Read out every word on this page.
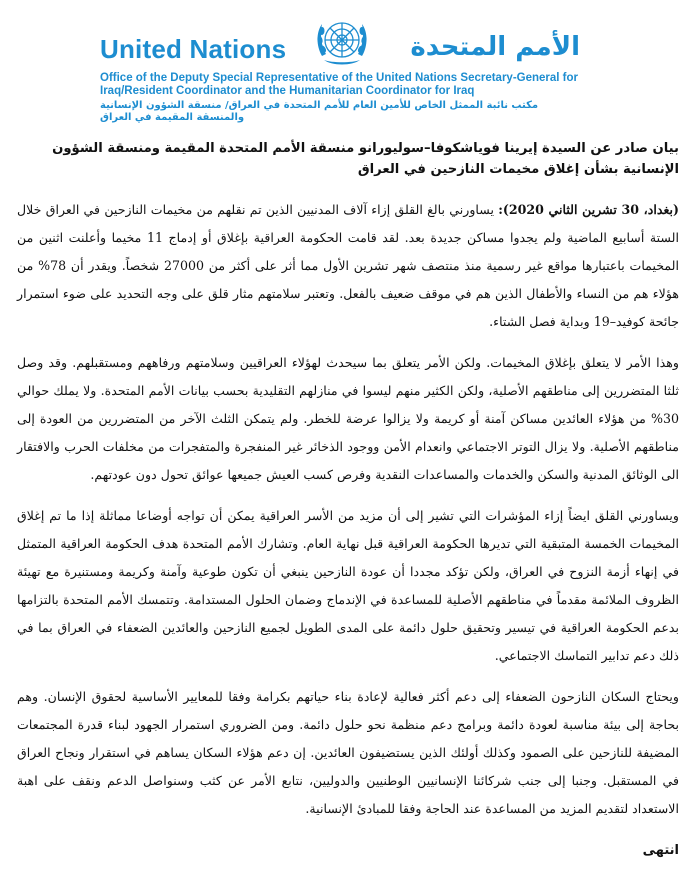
United Nations	الأمم المتحدة
Office of the Deputy Special Representative of the United Nations Secretary-General for Iraq/Resident Coordinator and the Humanitarian Coordinator for Iraq
مكتب نائبة الممثل الخاص للأمين العام للأمم المتحدة في العراق/ منسقة الشؤون الإنسانية والمنسقة المقيمة في العراق
بيان صادر عن السيدة إيرينا فوياشكوفا–سوليورانو منسقة الأمم المتحدة المقيمة ومنسقة الشؤون الإنسانية بشأن إغلاق مخيمات النازحين في العراق

(بغداد، 30 تشرين الثاني 2020): يساورني بالغ القلق إزاء آلاف المدنيين الذين تم نقلهم من مخيمات النازحين في العراق خلال الستة أسابيع الماضية ولم يجدوا مساكن جديدة بعد. لقد قامت الحكومة العراقية بإغلاق أو إدماج 11 مخيما وأعلنت اثنين من المخيمات باعتبارها مواقع غير رسمية منذ منتصف شهر تشرين الأول مما أثر على أكثر من 27000 شخصاً. ويقدر أن 78% من هؤلاء هم من النساء والأطفال الذين هم في موقف ضعيف بالفعل. وتعتبر سلامتهم مثار قلق على وجه التحديد على ضوء استمرار جائحة كوفيد–19 وبداية فصل الشتاء.

وهذا الأمر لا يتعلق بإغلاق المخيمات. ولكن الأمر يتعلق بما سيحدث لهؤلاء العراقيين وسلامتهم ورفاههم ومستقبلهم. وقد وصل ثلثا المتضررين إلى مناطقهم الأصلية، ولكن الكثير منهم ليسوا في منازلهم التقليدية بحسب بيانات الأمم المتحدة. ولا يملك حوالي 30% من هؤلاء العائدين مساكن آمنة أو كريمة ولا يزالوا عرضة للخطر. ولم يتمكن الثلث الآخر من المتضررين من العودة إلى مناطقهم الأصلية. ولا يزال التوتر الاجتماعي وانعدام الأمن ووجود الذخائر غير المنفجرة والمتفجرات من مخلفات الحرب والافتقار الى الوثائق المدنية والسكن والخدمات والمساعدات النقدية وفرص كسب العيش جميعها عوائق تحول دون عودتهم.

ويساورني القلق ايضاً إزاء المؤشرات التي تشير إلى أن مزيد من الأسر العراقية يمكن أن تواجه أوضاعا مماثلة إذا ما تم إغلاق المخيمات الخمسة المتبقية التي تديرها الحكومة العراقية قبل نهاية العام. وتشارك الأمم المتحدة هدف الحكومة العراقية المتمثل في إنهاء أزمة النزوح في العراق، ولكن تؤكد مجددا أن عودة النازحين ينبغي أن تكون طوعية وآمنة وكريمة ومستنيرة مع تهيئة الظروف الملائمة مقدماً في مناطقهم الأصلية للمساعدة في الإندماج وضمان الحلول المستدامة. وتتمسك الأمم المتحدة بالتزامها بدعم الحكومة العراقية في تيسير وتحقيق حلول دائمة على المدى الطويل لجميع النازحين والعائدين الضعفاء في العراق بما في ذلك دعم تدابير التماسك الاجتماعي.

ويحتاج السكان النازحون الضعفاء إلى دعم أكثر فعالية لإعادة بناء حياتهم بكرامة وفقا للمعايير الأساسية لحقوق الإنسان. وهم بحاجة إلى بيئة مناسبة لعودة دائمة وبرامج دعم منظمة نحو حلول دائمة. ومن الضروري استمرار الجهود لبناء قدرة المجتمعات المضيفة للنازحين على الصمود وكذلك أولئك الذين يستضيفون العائدين. إن دعم هؤلاء السكان يساهم في استقرار ونجاح العراق في المستقبل. وجنبا إلى جنب شركائنا الإنسانيين الوطنيين والدوليين، نتابع الأمر عن كثب وسنواصل الدعم ونقف على اهبة الاستعداد لتقديم المزيد من المساعدة عند الحاجة وفقا للمبادئ الإنسانية.

انتهى
